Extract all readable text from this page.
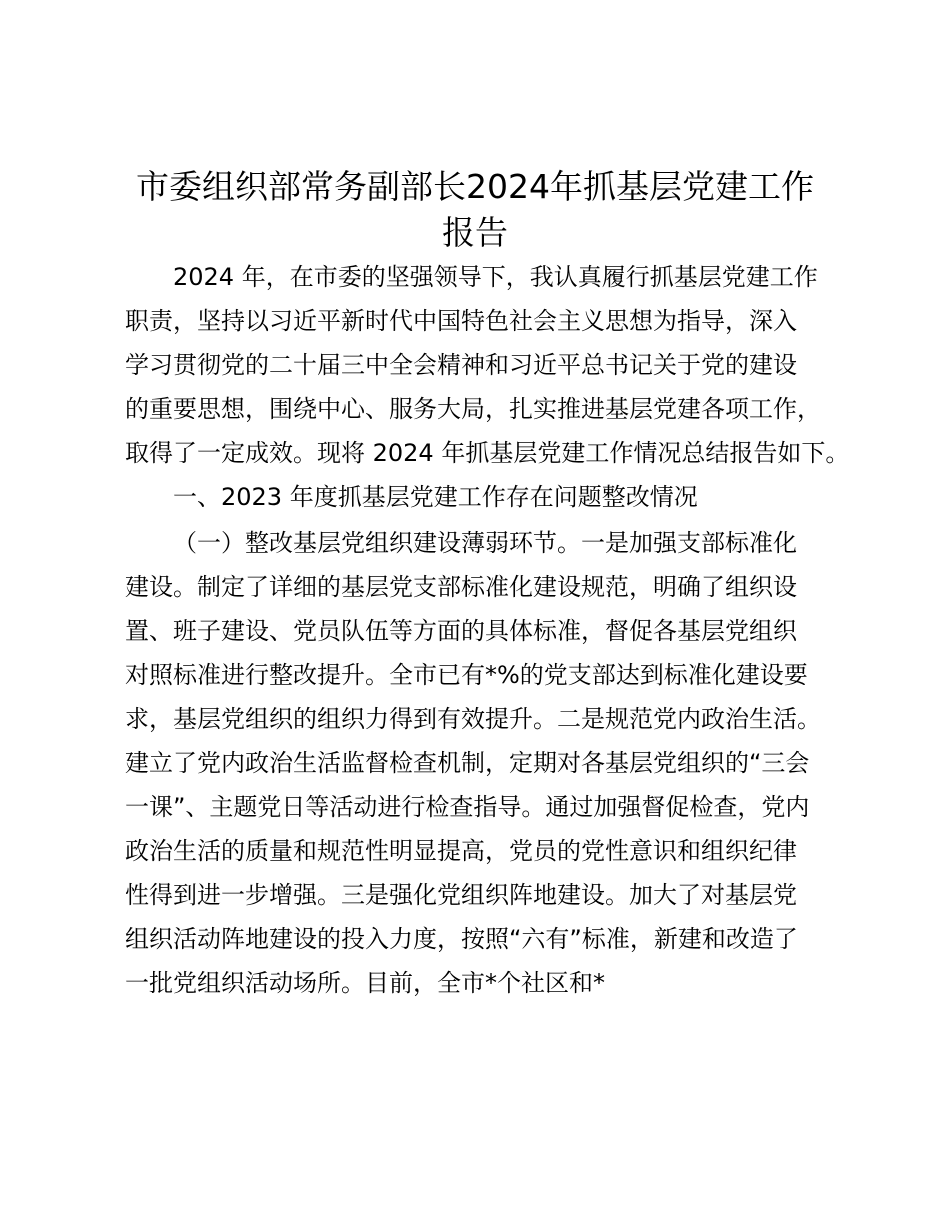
市委组织部常务副部长2024年抓基层党建工作
报告
2024 年，在市委的坚强领导下，我认真履行抓基层党建工作
职责，坚持以习近平新时代中国特色社会主义思想为指导，深入
学习贯彻党的二十届三中全会精神和习近平总书记关于党的建设
的重要思想，围绕中心、服务大局，扎实推进基层党建各项工作，
取得了一定成效。现将 2024 年抓基层党建工作情况总结报告如下。
一、2023 年度抓基层党建工作存在问题整改情况
（一）整改基层党组织建设薄弱环节。一是加强支部标准化
建设。制定了详细的基层党支部标准化建设规范，明确了组织设
置、班子建设、党员队伍等方面的具体标准，督促各基层党组织
对照标准进行整改提升。全市已有*%的党支部达到标准化建设要
求，基层党组织的组织力得到有效提升。二是规范党内政治生活。
建立了党内政治生活监督检查机制，定期对各基层党组织的“三会
一课”、主题党日等活动进行检查指导。通过加强督促检查，党内
政治生活的质量和规范性明显提高，党员的党性意识和组织纪律
性得到进一步增强。三是强化党组织阵地建设。加大了对基层党
组织活动阵地建设的投入力度，按照“六有”标准，新建和改造了
一批党组织活动场所。目前，全市*个社区和*
